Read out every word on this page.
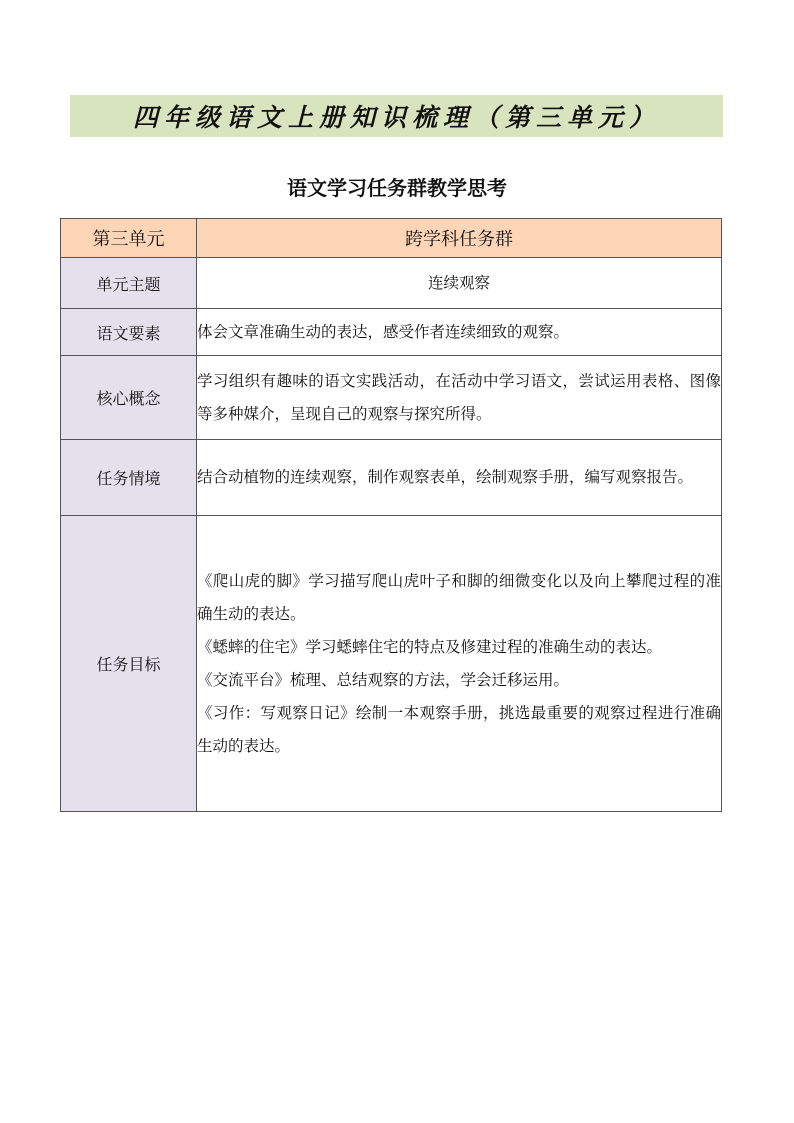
四年级语文上册知识梳理（第三单元）
语文学习任务群教学思考
第三单元	跨学科任务群
单元主题	连续观察
语文要素	体会文章准确生动的表达，感受作者连续细致的观察。
核心概念	学习组织有趣味的语文实践活动，在活动中学习语文，尝试运用表格、图像等多种媒介，呈现自己的观察与探究所得。
任务情境	结合动植物的连续观察，制作观察表单，绘制观察手册，编写观察报告。
任务目标	《爬山虎的脚》学习描写爬山虎叶子和脚的细微变化以及向上攀爬过程的准确生动的表达。
《蟋蟀的住宅》学习蟋蟀住宅的特点及修建过程的准确生动的表达。
《交流平台》梳理、总结观察的方法，学会迁移运用。
《习作：写观察日记》绘制一本观察手册，挑选最重要的观察过程进行准确生动的表达。
